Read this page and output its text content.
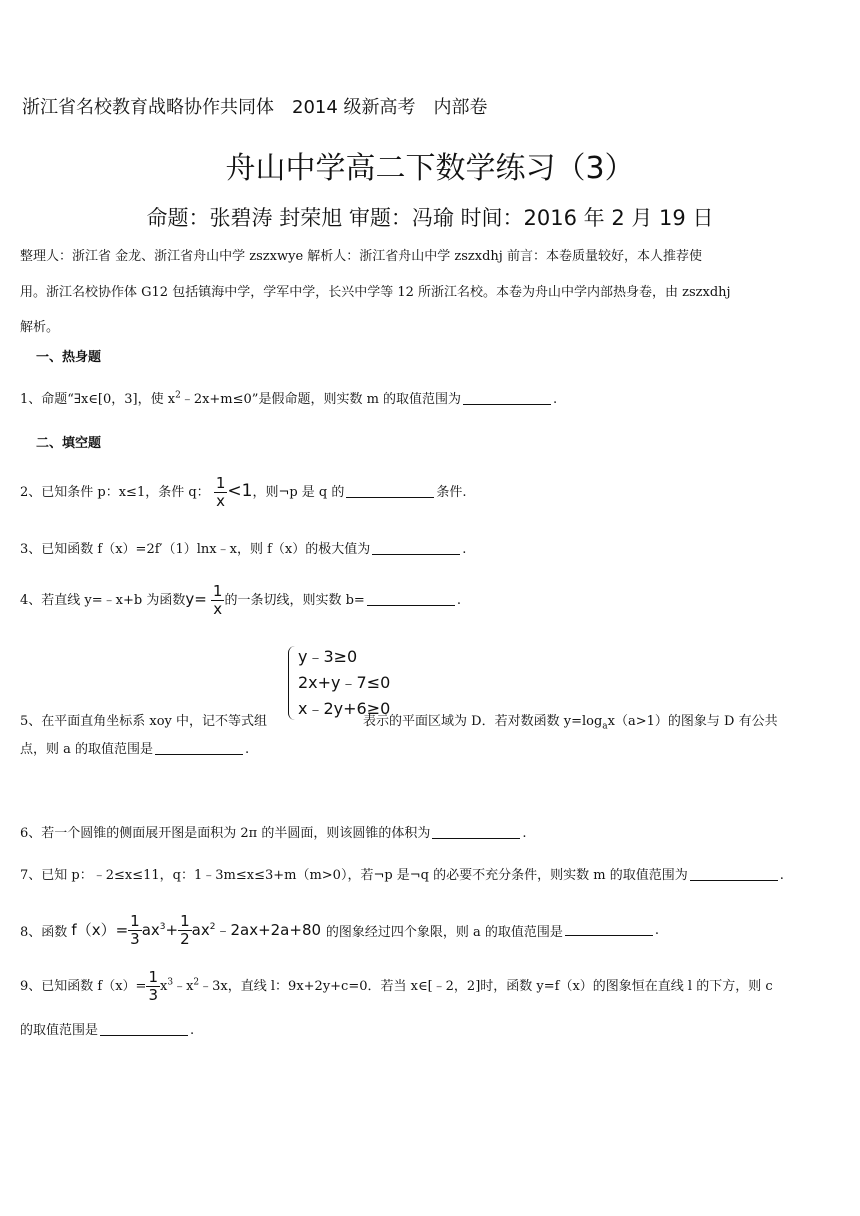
浙江省名校教育战略协作共同体　2014 级新高考　内部卷
舟山中学高二下数学练习（3）
命题：张碧涛 封荣旭 审题：冯瑜 时间：2016 年 2 月 19 日
整理人：浙江省 金龙、浙江省舟山中学 zszxwye 解析人：浙江省舟山中学 zszxdhj 前言：本卷质量较好，本人推荐使
用。浙江名校协作体 G12 包括镇海中学，学军中学，长兴中学等 12 所浙江名校。本卷为舟山中学内部热身卷，由 zszxdhj
解析。
一、热身题
1、命题“∃x∈[0，3]，使 $x^2﹣2x+m\le 0$”是假命题，则实数 m 的取值范围为	.
二、填空题
2、已知条件 p：x≤1，条件 q： $\frac{1}{x} <1$，则¬p 是 q 的	条件.
3、已知函数 f（x）=2f′（1）lnx﹣x，则 f（x）的极大值为	.
4、若直线 y=﹣x+b 为函数$y= \frac{1}{x}$ 的一条切线，则实数 b=	.
y﹣3≥0
2x+y﹣7≤0
x﹣2y+6≥0
5、在平面直角坐标系 xoy 中，记不等式组	表示的平面区域为 D．若对数函数 $y=\log_ax(a>1)$的图象与 D 有公共
点，则 a 的取值范围是	.
6、若一个圆锥的侧面展开图是面积为 2π 的半圆面，则该圆锥的体积为	.
7、已知 p：﹣2≤x≤11，q：1﹣3m≤x≤3+m（m>0），若¬p 是¬q 的必要不充分条件，则实数 m 的取值范围为	.
8、函数 $f(x)= \frac{1}{3} ax^3+ \frac{1}{2}$ $ax^2﹣2ax+2a+80$ 的图象经过四个象限，则 a 的取值范围是	.
9、已知函数 $f(x)= \frac{1}{3}$ $x^3﹣x^2﹣3x$，直线 l：9x+2y+c=0．若当 x∈[﹣2，2]时，函数 y=f（x）的图象恒在直线 l 的下方，则 c
的取值范围是	.
